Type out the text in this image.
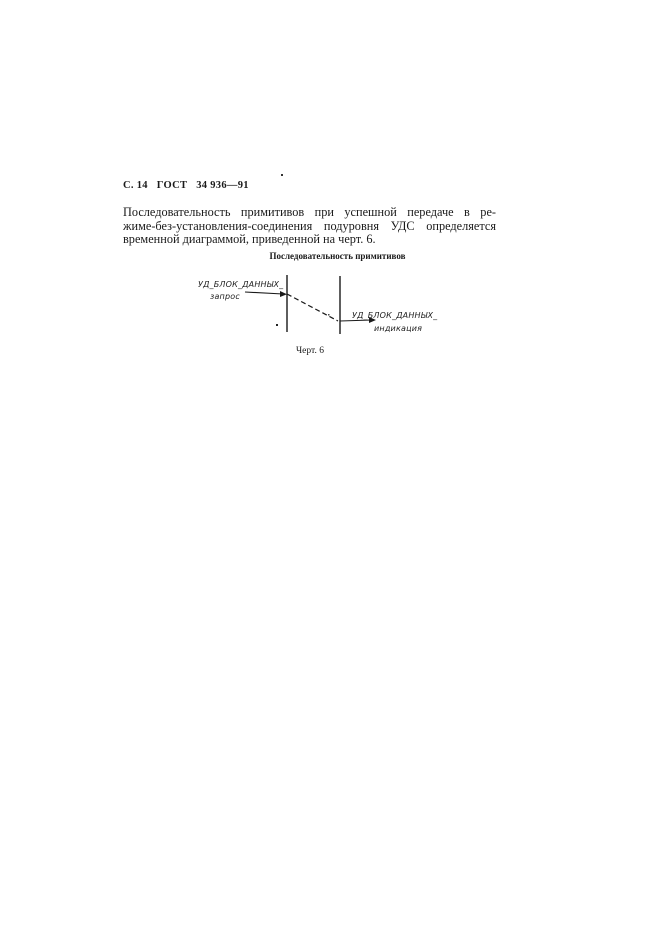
С. 14 ГОСТ 34 936—91

Последовательность примитивов при успешной передаче в ре-
жиме-без-установления-соединения подуровня УДС определяется
временной диаграммой, приведенной на черт. 6.

Последовательность примитивов
УД_БЛОК_ДАННЫХ_
запрос
УД_БЛОК_ДАННЫХ_
индикация
Черт. 6
